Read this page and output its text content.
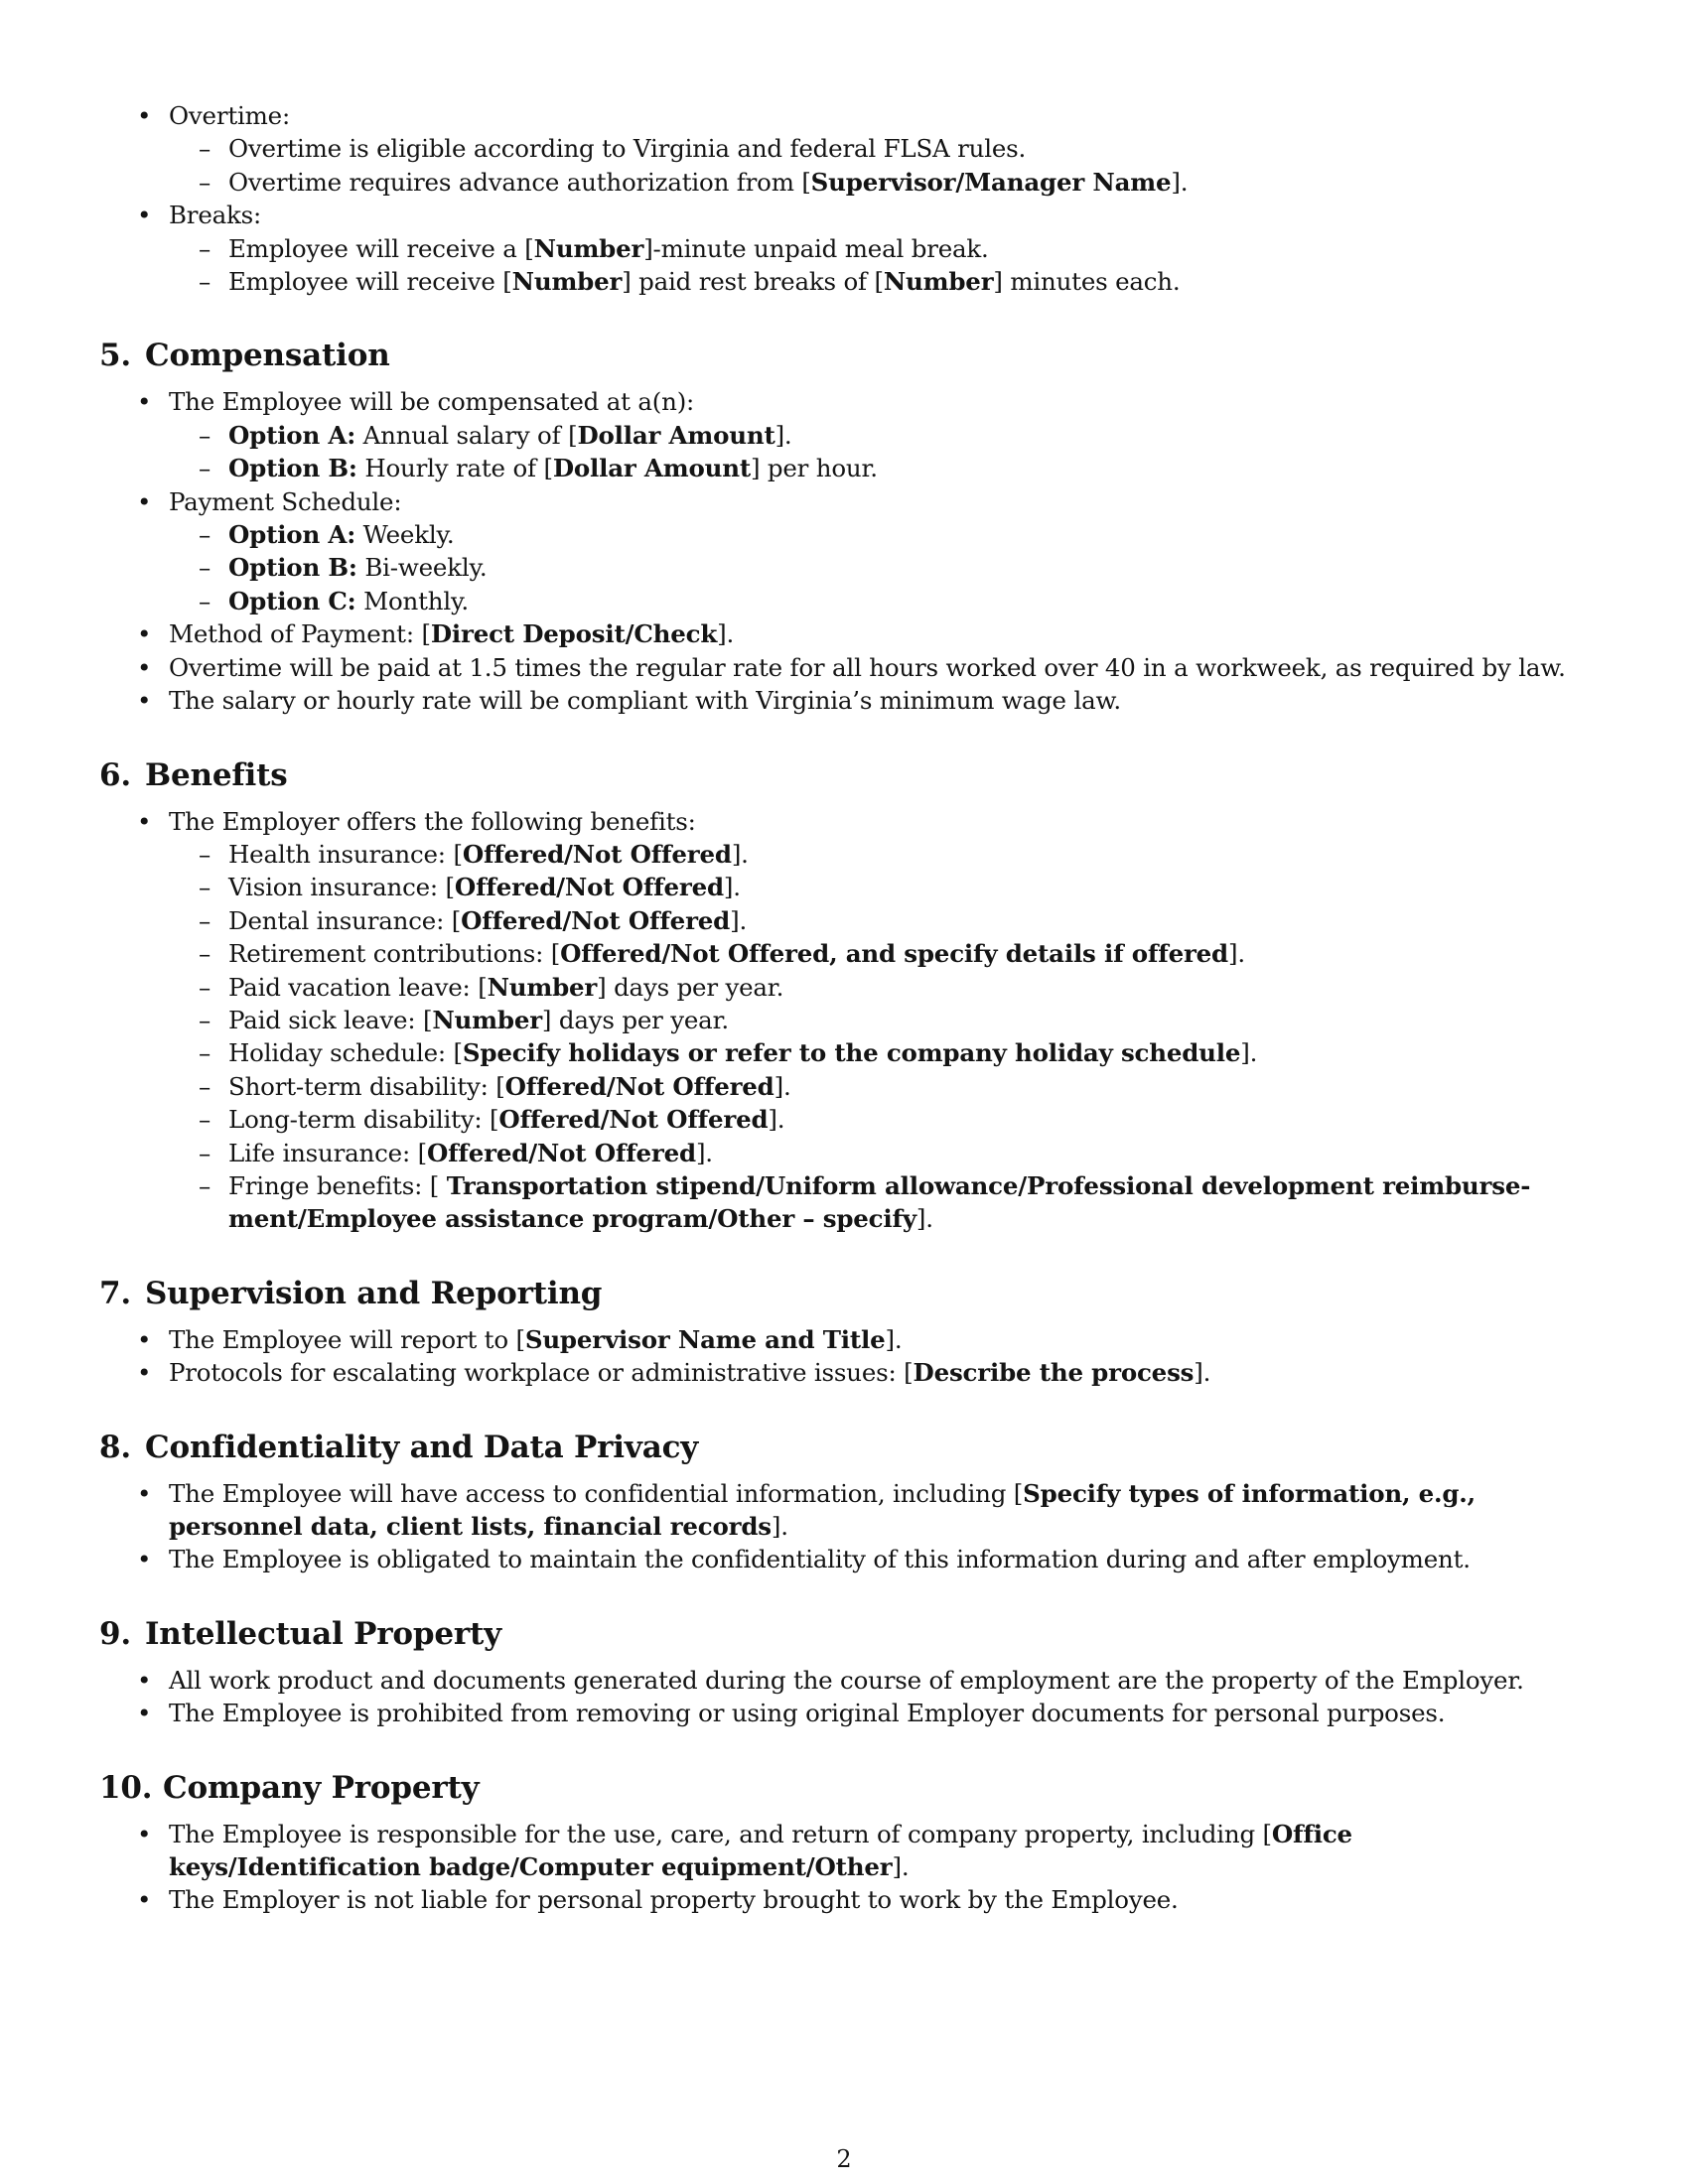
• Overtime:
– Overtime is eligible according to Virginia and federal FLSA rules.
– Overtime requires advance authorization from [Supervisor/Manager Name].
• Breaks:
– Employee will receive a [Number]-minute unpaid meal break.
– Employee will receive [Number] paid rest breaks of [Number] minutes each.
5. Compensation
• The Employee will be compensated at a(n):
– Option A: Annual salary of [Dollar Amount].
– Option B: Hourly rate of [Dollar Amount] per hour.
• Payment Schedule:
– Option A: Weekly.
– Option B: Bi-weekly.
– Option C: Monthly.
• Method of Payment: [Direct Deposit/Check].
• Overtime will be paid at 1.5 times the regular rate for all hours worked over 40 in a workweek, as required by law.
• The salary or hourly rate will be compliant with Virginia’s minimum wage law.
6. Benefits
• The Employer offers the following benefits:
– Health insurance: [Offered/Not Offered].
– Vision insurance: [Offered/Not Offered].
– Dental insurance: [Offered/Not Offered].
– Retirement contributions: [Offered/Not Offered, and specify details if offered].
– Paid vacation leave: [Number] days per year.
– Paid sick leave: [Number] days per year.
– Holiday schedule: [Specify holidays or refer to the company holiday schedule].
– Short-term disability: [Offered/Not Offered].
– Long-term disability: [Offered/Not Offered].
– Life insurance: [Offered/Not Offered].
– Fringe benefits: [ Transportation stipend/Uniform allowance/Professional development reimburse-
ment/Employee assistance program/Other – specify].
7. Supervision and Reporting
• The Employee will report to [Supervisor Name and Title].
• Protocols for escalating workplace or administrative issues: [Describe the process].
8. Confidentiality and Data Privacy
• The Employee will have access to confidential information, including [Specify types of information, e.g., personnel data, client lists, financial records].
• The Employee is obligated to maintain the confidentiality of this information during and after employment.
9. Intellectual Property
• All work product and documents generated during the course of employment are the property of the Employer.
• The Employee is prohibited from removing or using original Employer documents for personal purposes.
10. Company Property
• The Employee is responsible for the use, care, and return of company property, including [Office keys/Identification badge/Computer equipment/Other].
• The Employer is not liable for personal property brought to work by the Employee.
2
